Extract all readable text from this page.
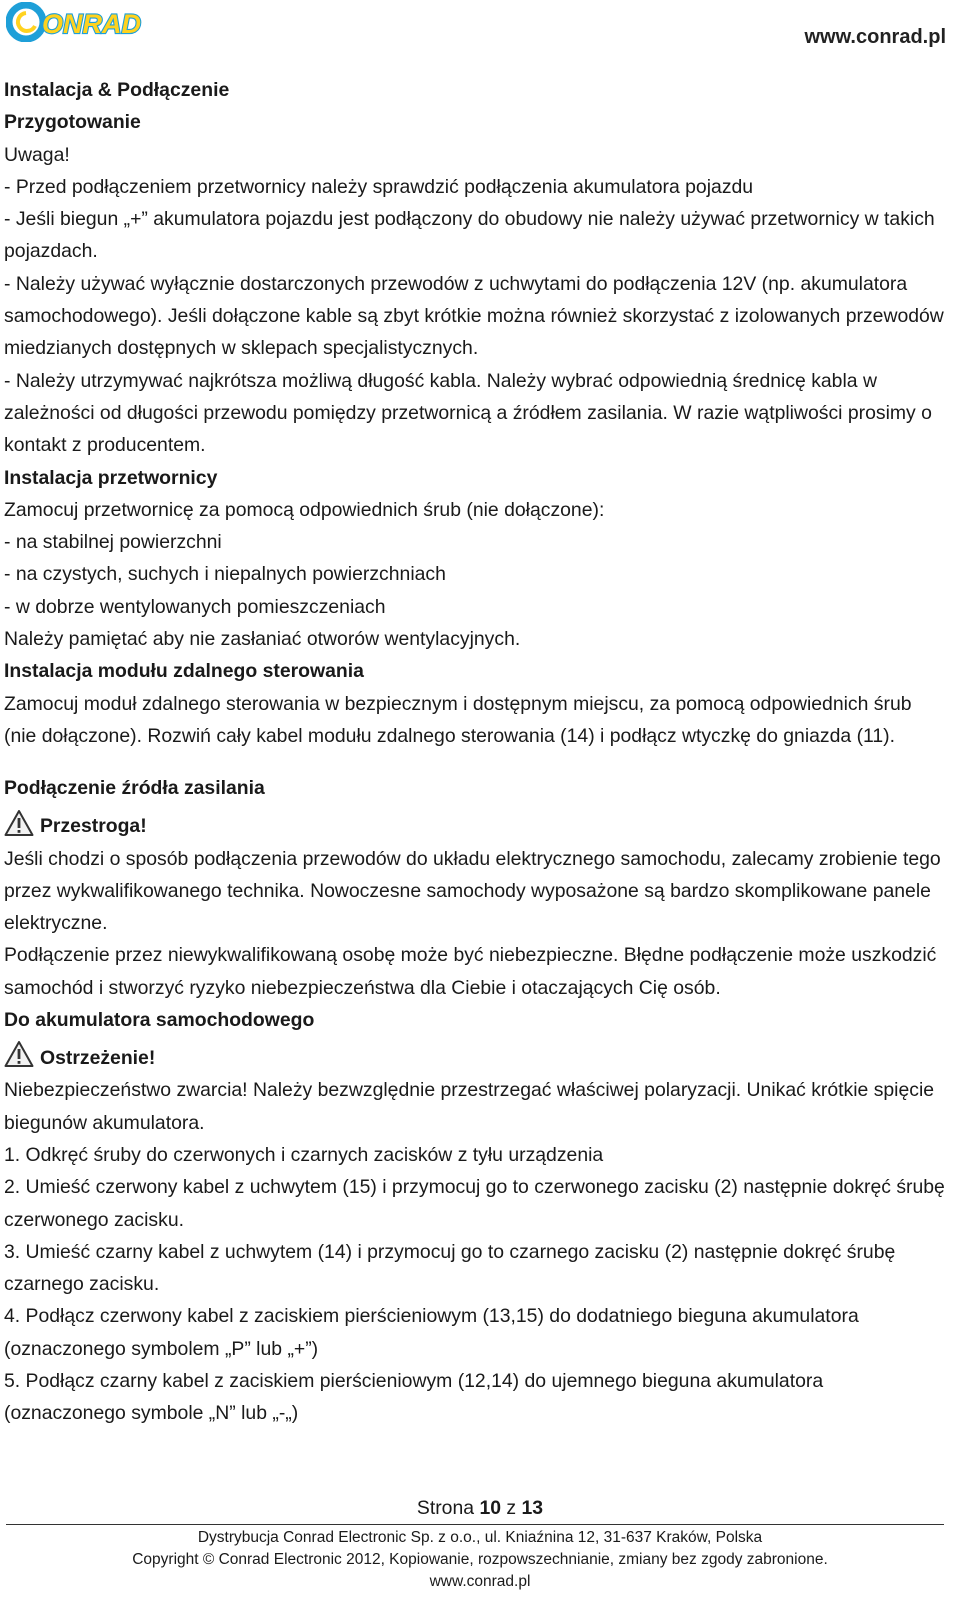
ONRAD	www.conrad.pl

Instalacja & Podłączenie

Przygotowanie

Uwaga!

- Przed podłączeniem przetwornicy należy sprawdzić podłączenia akumulatora pojazdu

- Jeśli biegun „+” akumulatora pojazdu jest podłączony do obudowy nie należy używać przetwornicy w takich pojazdach.

- Należy używać wyłącznie dostarczonych przewodów z uchwytami do podłączenia 12V (np. akumulatora samochodowego). Jeśli dołączone kable są zbyt krótkie można również skorzystać z izolowanych przewodów miedzianych dostępnych w sklepach specjalistycznych.

- Należy utrzymywać najkrótsza możliwą długość kabla. Należy wybrać odpowiednią średnicę kabla w zależności od długości przewodu pomiędzy przetwornicą a źródłem zasilania. W razie wątpliwości prosimy o kontakt z producentem.

Instalacja przetwornicy

Zamocuj przetwornicę za pomocą odpowiednich śrub (nie dołączone):

- na stabilnej powierzchni

- na czystych, suchych i niepalnych powierzchniach

- w dobrze wentylowanych pomieszczeniach

Należy pamiętać aby nie zasłaniać otworów wentylacyjnych.

Instalacja modułu zdalnego sterowania

Zamocuj moduł zdalnego sterowania w bezpiecznym i dostępnym miejscu, za pomocą odpowiednich śrub (nie dołączone). Rozwiń cały kabel modułu zdalnego sterowania (14) i podłącz wtyczkę do gniazda (11).

Podłączenie źródła zasilania

Przestroga!

Jeśli chodzi o sposób podłączenia przewodów do układu elektrycznego samochodu, zalecamy zrobienie tego przez wykwalifikowanego technika. Nowoczesne samochody wyposażone są bardzo skomplikowane panele elektryczne.

Podłączenie przez niewykwalifikowaną osobę może być niebezpieczne. Błędne podłączenie może uszkodzić samochód i stworzyć ryzyko niebezpieczeństwa dla Ciebie i otaczających Cię osób.

Do akumulatora samochodowego

Ostrzeżenie!

Niebezpieczeństwo zwarcia! Należy bezwzględnie przestrzegać właściwej polaryzacji. Unikać krótkie spięcie biegunów akumulatora.

1. Odkręć śruby do czerwonych i czarnych zacisków z tyłu urządzenia

2. Umieść czerwony kabel z uchwytem (15) i przymocuj go to czerwonego zacisku (2) następnie dokręć śrubę czerwonego zacisku.

3. Umieść czarny kabel z uchwytem (14) i przymocuj go to czarnego zacisku (2) następnie dokręć śrubę czarnego zacisku.

4. Podłącz czerwony kabel z zaciskiem pierścieniowym (13,15) do dodatniego bieguna akumulatora (oznaczonego symbolem „P” lub „+”)

5. Podłącz czarny kabel z zaciskiem pierścieniowym (12,14) do ujemnego bieguna akumulatora (oznaczonego symbole „N” lub „-„)

Strona 10 z 13
Dystrybucja Conrad Electronic Sp. z o.o., ul. Kniaźnina 12, 31-637 Kraków, Polska
Copyright © Conrad Electronic 2012, Kopiowanie, rozpowszechnianie, zmiany bez zgody zabronione.
www.conrad.pl
